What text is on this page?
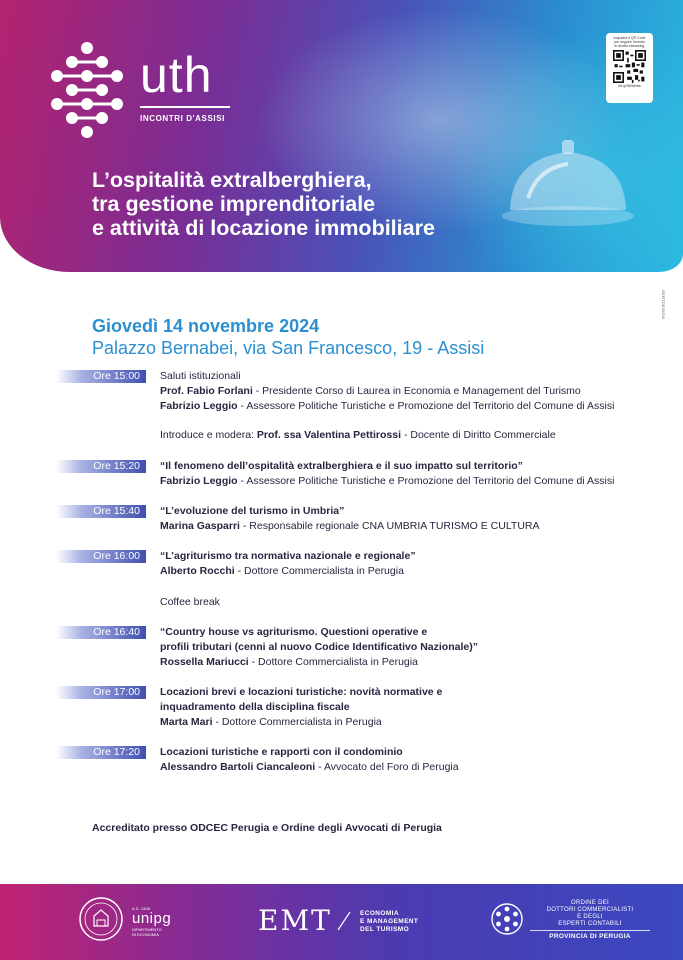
uth
INCONTRI D'ASSISI
L’ospitalità extralberghiera,
tra gestione imprenditoriale
e attività di locazione immobiliare
Inquadra il QR Code
per seguire l'evento
in diretta streaming
bit.ly/3Whbnta
SERTDESIGN
Giovedì 14 novembre 2024
Palazzo Bernabei, via San Francesco, 19 - Assisi
Ore 15:00	Saluti istituzionali
Prof. Fabio Forlani - Presidente Corso di Laurea in Economia e Management del Turismo
Fabrizio Leggio - Assessore Politiche Turistiche e Promozione del Territorio del Comune di Assisi
Introduce e modera: Prof. ssa Valentina Pettirossi - Docente di Diritto Commerciale
Ore 15:20	“Il fenomeno dell’ospitalità extralberghiera e il suo impatto sul territorio”
Fabrizio Leggio - Assessore Politiche Turistiche e Promozione del Territorio del Comune di Assisi
Ore 15:40	“L’evoluzione del turismo in Umbria”
Marina Gasparri - Responsabile regionale CNA UMBRIA TURISMO E CULTURA
Ore 16:00	“L’agriturismo tra normativa nazionale e regionale”
Alberto Rocchi - Dottore Commercialista in Perugia
Coffee break
Ore 16:40	“Country house vs agriturismo. Questioni operative e
profili tributari (cenni al nuovo Codice Identificativo Nazionale)”
Rossella Mariucci - Dottore Commercialista in Perugia
Ore 17:00	Locazioni brevi e locazioni turistiche: novità normative e
inquadramento della disciplina fiscale
Marta Mari - Dottore Commercialista in Perugia
Ore 17:20	Locazioni turistiche e rapporti con il condominio
Alessandro Bartoli Ciancaleoni - Avvocato del Foro di Perugia
Accreditato presso ODCEC Perugia e Ordine degli Avvocati di Perugia
A.D. 1308
unipg
DIPARTIMENTO
DI ECONOMIA	EMT	ECONOMIA
E MANAGEMENT
DEL TURISMO
ORDINE DEI
DOTTORI COMMERCIALISTI
E DEGLI
ESPERTI CONTABILI
PROVINCIA DI PERUGIA
